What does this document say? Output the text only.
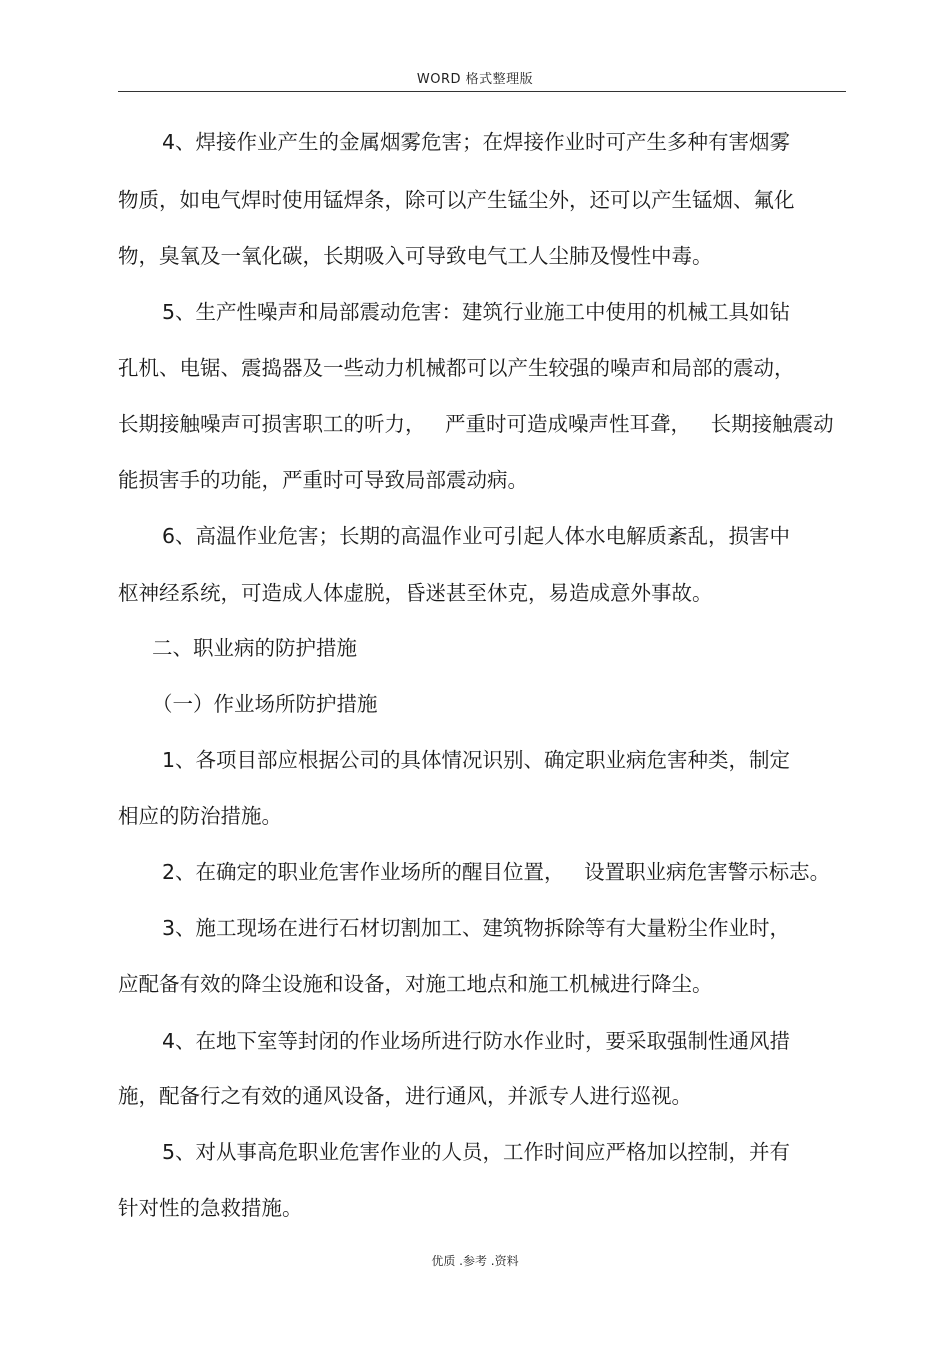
WORD 格式整理版
4、焊接作业产生的金属烟雾危害；在焊接作业时可产生多种有害烟雾
物质，如电气焊时使用锰焊条，除可以产生锰尘外，还可以产生锰烟、氟化
物，臭氧及一氧化碳，长期吸入可导致电气工人尘肺及慢性中毒。
5、生产性噪声和局部震动危害：建筑行业施工中使用的机械工具如钻
孔机、电锯、震捣器及一些动力机械都可以产生较强的噪声和局部的震动，
长期接触噪声可损害职工的听力，   严重时可造成噪声性耳聋，   长期接触震动
能损害手的功能，严重时可导致局部震动病。
6、高温作业危害；长期的高温作业可引起人体水电解质紊乱，损害中
枢神经系统，可造成人体虚脱，昏迷甚至休克，易造成意外事故。
二、职业病的防护措施
（一）作业场所防护措施
1、各项目部应根据公司的具体情况识别、确定职业病危害种类，制定
相应的防治措施。
2、在确定的职业危害作业场所的醒目位置，   设置职业病危害警示标志。
3、施工现场在进行石材切割加工、建筑物拆除等有大量粉尘作业时，
应配备有效的降尘设施和设备，对施工地点和施工机械进行降尘。
4、在地下室等封闭的作业场所进行防水作业时，要采取强制性通风措
施，配备行之有效的通风设备，进行通风，并派专人进行巡视。
5、对从事高危职业危害作业的人员，工作时间应严格加以控制，并有
针对性的急救措施。
优质 .参考 .资料
